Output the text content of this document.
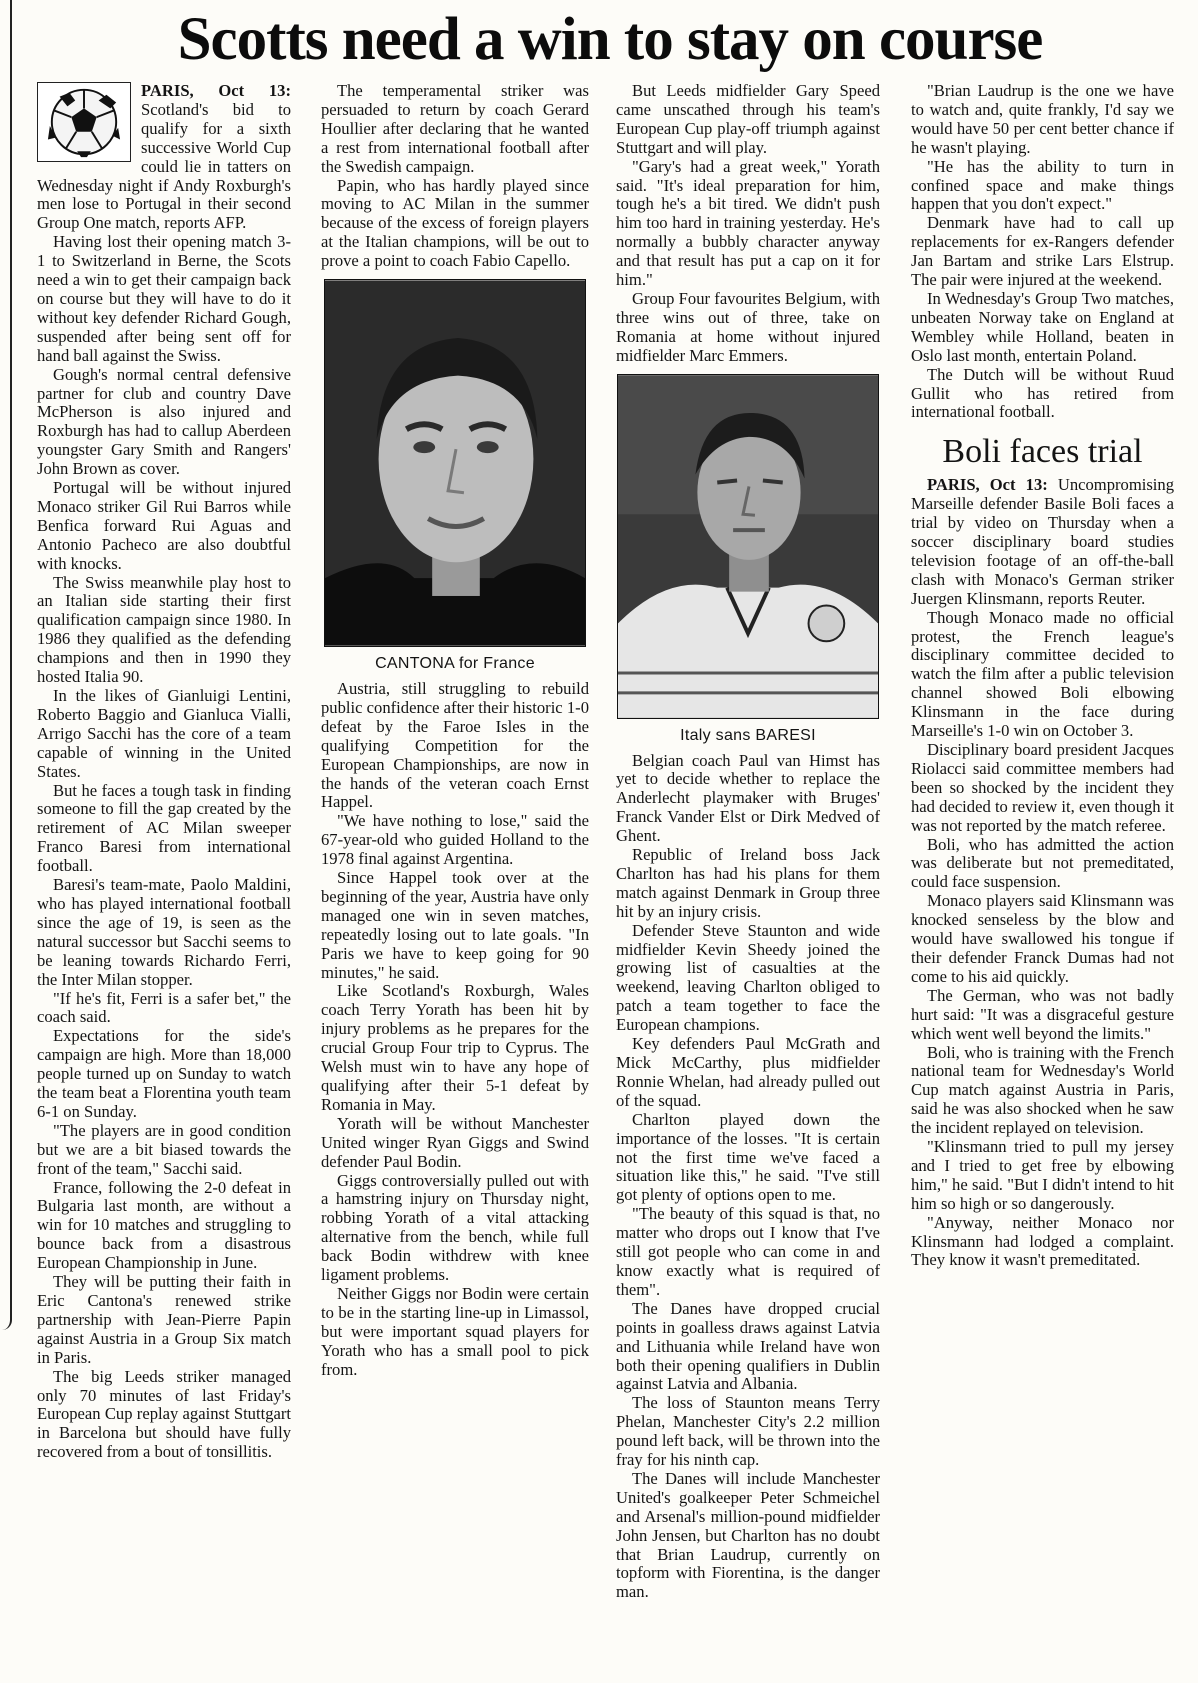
Scotts need a win to stay on course

PARIS, Oct 13: Scotland's bid to qualify for a sixth successive World Cup could lie in tatters on Wednesday night if Andy Roxburgh's men lose to Portugal in their second Group One match, reports AFP.

Having lost their opening match 3-1 to Switzerland in Berne, the Scots need a win to get their campaign back on course but they will have to do it without key defender Richard Gough, suspended after being sent off for hand ball against the Swiss.

Gough's normal central defensive partner for club and country Dave McPherson is also injured and Roxburgh has had to callup Aberdeen youngster Gary Smith and Rangers' John Brown as cover.

Portugal will be without injured Monaco striker Gil Rui Barros while Benfica forward Rui Aguas and Antonio Pacheco are also doubtful with knocks.

The Swiss meanwhile play host to an Italian side starting their first qualification campaign since 1980. In 1986 they qualified as the defending champions and then in 1990 they hosted Italia 90.

In the likes of Gianluigi Lentini, Roberto Baggio and Gianluca Vialli, Arrigo Sacchi has the core of a team capable of winning in the United States.

But he faces a tough task in finding someone to fill the gap created by the retirement of AC Milan sweeper Franco Baresi from international football.

Baresi's team-mate, Paolo Maldini, who has played international football since the age of 19, is seen as the natural successor but Sacchi seems to be leaning towards Richardo Ferri, the Inter Milan stopper.

"If he's fit, Ferri is a safer bet," the coach said.

Expectations for the side's campaign are high. More than 18,000 people turned up on Sunday to watch the team beat a Florentina youth team 6-1 on Sunday.

"The players are in good condition but we are a bit biased towards the front of the team," Sacchi said.

France, following the 2-0 defeat in Bulgaria last month, are without a win for 10 matches and struggling to bounce back from a disastrous European Championship in June.

They will be putting their faith in Eric Cantona's renewed strike partnership with Jean-Pierre Papin against Austria in a Group Six match in Paris.

The big Leeds striker managed only 70 minutes of last Friday's European Cup replay against Stuttgart in Barcelona but should have fully recovered from a bout of tonsillitis.

The temperamental striker was persuaded to return by coach Gerard Houllier after declaring that he wanted a rest from international football after the Swedish campaign.

Papin, who has hardly played since moving to AC Milan in the summer because of the excess of foreign players at the Italian champions, will be out to prove a point to coach Fabio Capello.

CANTONA for France

Austria, still struggling to rebuild public confidence after their historic 1-0 defeat by the Faroe Isles in the qualifying Competition for the European Championships, are now in the hands of the veteran coach Ernst Happel.

"We have nothing to lose," said the 67-year-old who guided Holland to the 1978 final against Argentina.

Since Happel took over at the beginning of the year, Austria have only managed one win in seven matches, repeatedly losing out to late goals. "In Paris we have to keep going for 90 minutes," he said.

Like Scotland's Roxburgh, Wales coach Terry Yorath has been hit by injury problems as he prepares for the crucial Group Four trip to Cyprus. The Welsh must win to have any hope of qualifying after their 5-1 defeat by Romania in May.

Yorath will be without Manchester United winger Ryan Giggs and Swind defender Paul Bodin.

Giggs controversially pulled out with a hamstring injury on Thursday night, robbing Yorath of a vital attacking alternative from the bench, while full back Bodin withdrew with knee ligament problems.

Neither Giggs nor Bodin were certain to be in the starting line-up in Limassol, but were important squad players for Yorath who has a small pool to pick from.

But Leeds midfielder Gary Speed came unscathed through his team's European Cup play-off triumph against Stuttgart and will play.

"Gary's had a great week," Yorath said. "It's ideal preparation for him, tough he's a bit tired. We didn't push him too hard in training yesterday. He's normally a bubbly character anyway and that result has put a cap on it for him."

Group Four favourites Belgium, with three wins out of three, take on Romania at home without injured midfielder Marc Emmers.

Italy sans BARESI

Belgian coach Paul van Himst has yet to decide whether to replace the Anderlecht playmaker with Bruges' Franck Vander Elst or Dirk Medved of Ghent.

Republic of Ireland boss Jack Charlton has had his plans for them match against Denmark in Group three hit by an injury crisis.

Defender Steve Staunton and wide midfielder Kevin Sheedy joined the growing list of casualties at the weekend, leaving Charlton obliged to patch a team together to face the European champions.

Key defenders Paul McGrath and Mick McCarthy, plus midfielder Ronnie Whelan, had already pulled out of the squad.

Charlton played down the importance of the losses. "It is certain not the first time we've faced a situation like this," he said. "I've still got plenty of options open to me.

"The beauty of this squad is that, no matter who drops out I know that I've still got people who can come in and know exactly what is required of them".

The Danes have dropped crucial points in goalless draws against Latvia and Lithuania while Ireland have won both their opening qualifiers in Dublin against Latvia and Albania.

The loss of Staunton means Terry Phelan, Manchester City's 2.2 million pound left back, will be thrown into the fray for his ninth cap.

The Danes will include Manchester United's goalkeeper Peter Schmeichel and Arsenal's million-pound midfielder John Jensen, but Charlton has no doubt that Brian Laudrup, currently on topform with Fiorentina, is the danger man.

"Brian Laudrup is the one we have to watch and, quite frankly, I'd say we would have 50 per cent better chance if he wasn't playing.

"He has the ability to turn in confined space and make things happen that you don't expect."

Denmark have had to call up replacements for ex-Rangers defender Jan Bartam and strike Lars Elstrup. The pair were injured at the weekend.

In Wednesday's Group Two matches, unbeaten Norway take on England at Wembley while Holland, beaten in Oslo last month, entertain Poland.

The Dutch will be without Ruud Gullit who has retired from international football.

Boli faces trial

PARIS, Oct 13: Uncompromising Marseille defender Basile Boli faces a trial by video on Thursday when a soccer disciplinary board studies television footage of an off-the-ball clash with Monaco's German striker Juergen Klinsmann, reports Reuter.

Though Monaco made no official protest, the French league's disciplinary committee decided to watch the film after a public television channel showed Boli elbowing Klinsmann in the face during Marseille's 1-0 win on October 3.

Disciplinary board president Jacques Riolacci said committee members had been so shocked by the incident they had decided to review it, even though it was not reported by the match referee.

Boli, who has admitted the action was deliberate but not premeditated, could face suspension.

Monaco players said Klinsmann was knocked senseless by the blow and would have swallowed his tongue if their defender Franck Dumas had not come to his aid quickly.

The German, who was not badly hurt said: "It was a disgraceful gesture which went well beyond the limits."

Boli, who is training with the French national team for Wednesday's World Cup match against Austria in Paris, said he was also shocked when he saw the incident replayed on television.

"Klinsmann tried to pull my jersey and I tried to get free by elbowing him," he said. "But I didn't intend to hit him so high or so dangerously.

"Anyway, neither Monaco nor Klinsmann had lodged a complaint. They know it wasn't premeditated.
